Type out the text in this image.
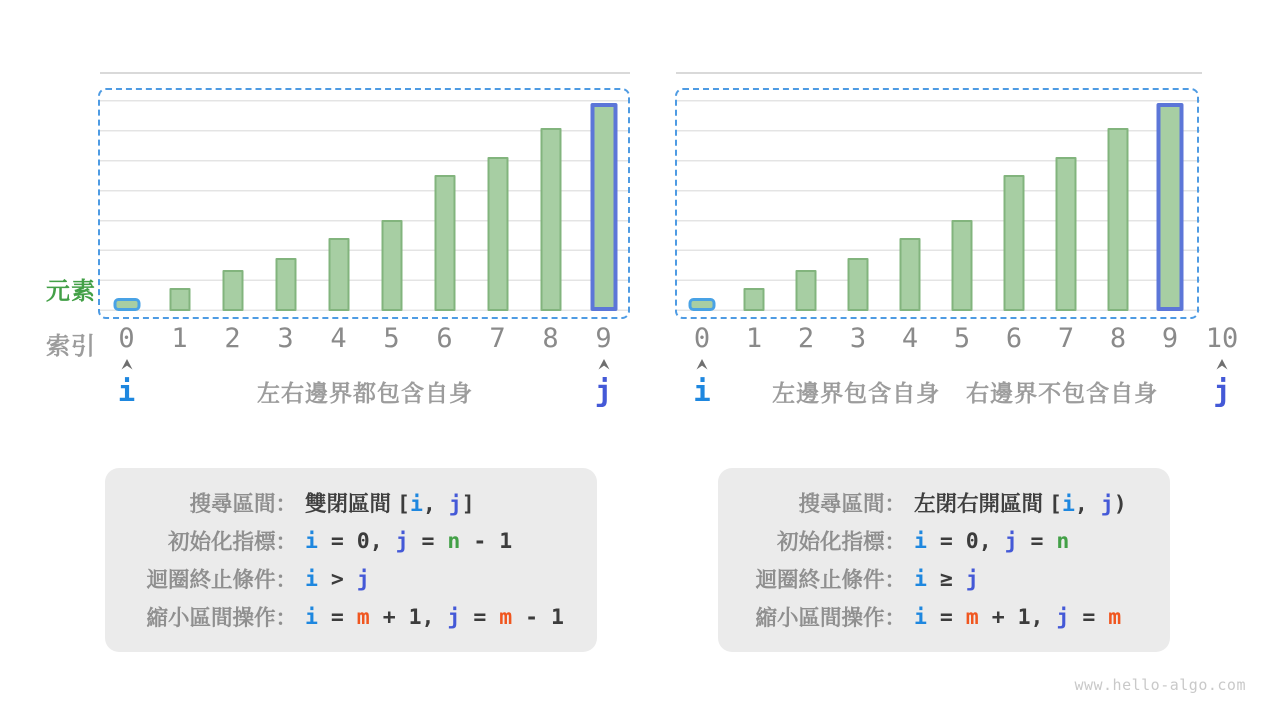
元素
索引 0	1	2	3	4	5	6	7	8	9
i	j
左右邊界都包含自身
0	1	2	3	4	5	6	7	8	9	10
i	j
左邊界包含自身 右邊界不包含自身
搜尋區間： 雙閉區間 [i, j]
初始化指標： i = 0, j = n - 1
迴圈終止條件： i > j
縮小區間操作： i = m + 1, j = m - 1
搜尋區間： 左閉右開區間 [i, j)
初始化指標： i = 0, j = n
迴圈終止條件： i ≥ j
縮小區間操作： i = m + 1, j = m
www.hello-algo.com
